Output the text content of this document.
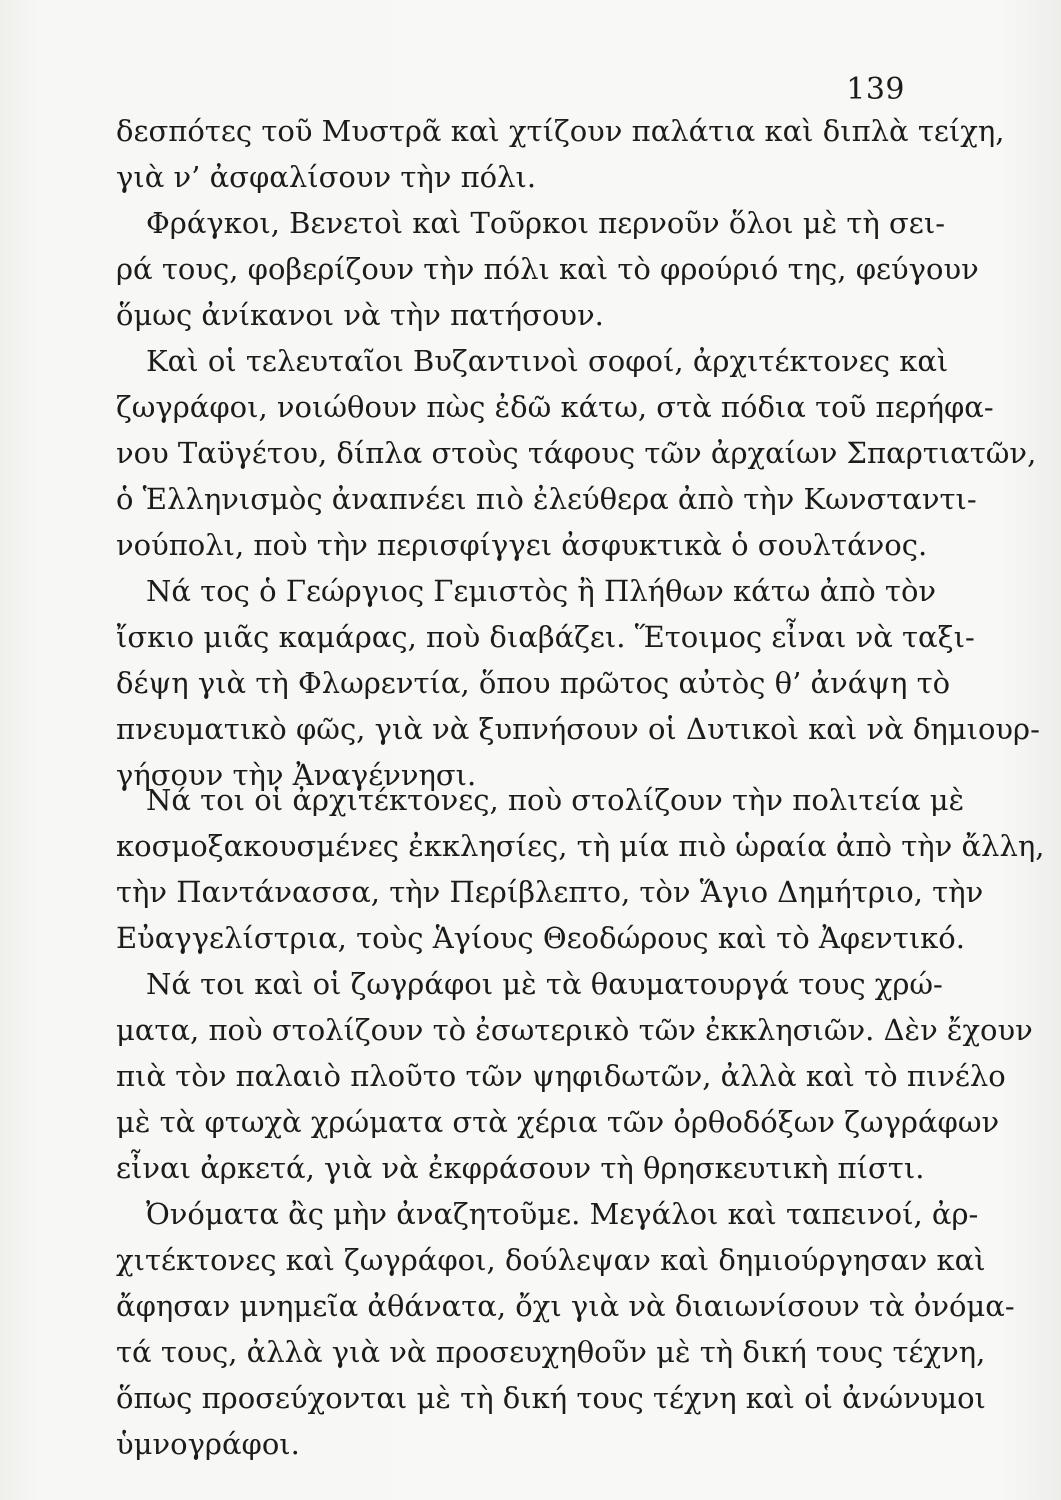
139
δεσπότες τοῦ Μυστρᾶ καὶ χτίζουν παλάτια καὶ διπλὰ τείχη,
γιὰ ν’ ἀσφαλίσουν τὴν πόλι.
Φράγκοι, Βενετοὶ καὶ Τοῦρκοι περνοῦν ὅλοι μὲ τὴ σει-
ρά τους, φοβερίζουν τὴν πόλι καὶ τὸ φρούριό της, φεύγουν
ὅμως ἀνίκανοι νὰ τὴν πατήσουν.
Καὶ οἱ τελευταῖοι Βυζαντινοὶ σοφοί, ἀρχιτέκτονες καὶ
ζωγράφοι, νοιώθουν πὼς ἐδῶ κάτω, στὰ πόδια τοῦ περήφα-
νου Ταϋγέτου, δίπλα στοὺς τάφους τῶν ἀρχαίων Σπαρτιατῶν,
ὁ Ἑλληνισμὸς ἀναπνέει πιὸ ἐλεύθερα ἀπὸ τὴν Κωνσταντι-
νούπολι, ποὺ τὴν περισφίγγει ἀσφυκτικὰ ὁ σουλτάνος.
Νά τος ὁ Γεώργιος Γεμιστὸς ἢ Πλήθων κάτω ἀπὸ τὸν
ἴσκιο μιᾶς καμάρας, ποὺ διαβάζει. Ἕτοιμος εἶναι νὰ ταξι-
δέψη γιὰ τὴ Φλωρεντία, ὅπου πρῶτος αὐτὸς θ’ ἀνάψη τὸ
πνευματικὸ φῶς, γιὰ νὰ ξυπνήσουν οἱ Δυτικοὶ καὶ νὰ δημιουρ-
γήσουν τὴν Ἀναγέννησι.
Νά τοι οἱ ἀρχιτέκτονες, ποὺ στολίζουν τὴν πολιτεία μὲ
κοσμοξακουσμένες ἐκκλησίες, τὴ μία πιὸ ὡραία ἀπὸ τὴν ἄλλη,
τὴν Παντάνασσα, τὴν Περίβλεπτο, τὸν Ἅγιο Δημήτριο, τὴν
Εὐαγγελίστρια, τοὺς Ἁγίους Θεοδώρους καὶ τὸ Ἀφεντικό.
Νά τοι καὶ οἱ ζωγράφοι μὲ τὰ θαυματουργά τους χρώ-
ματα, ποὺ στολίζουν τὸ ἐσωτερικὸ τῶν ἐκκλησιῶν. Δὲν ἔχουν
πιὰ τὸν παλαιὸ πλοῦτο τῶν ψηφιδωτῶν, ἀλλὰ καὶ τὸ πινέλο
μὲ τὰ φτωχὰ χρώματα στὰ χέρια τῶν ὀρθοδόξων ζωγράφων
εἶναι ἀρκετά, γιὰ νὰ ἐκφράσουν τὴ θρησκευτικὴ πίστι.
Ὀνόματα ἂς μὴν ἀναζητοῦμε. Μεγάλοι καὶ ταπεινοί, ἀρ-
χιτέκτονες καὶ ζωγράφοι, δούλεψαν καὶ δημιούργησαν καὶ
ἄφησαν μνημεῖα ἀθάνατα, ὄχι γιὰ νὰ διαιωνίσουν τὰ ὀνόμα-
τά τους, ἀλλὰ γιὰ νὰ προσευχηθοῦν μὲ τὴ δική τους τέχνη,
ὅπως προσεύχονται μὲ τὴ δική τους τέχνη καὶ οἱ ἀνώνυμοι
ὑμνογράφοι.
